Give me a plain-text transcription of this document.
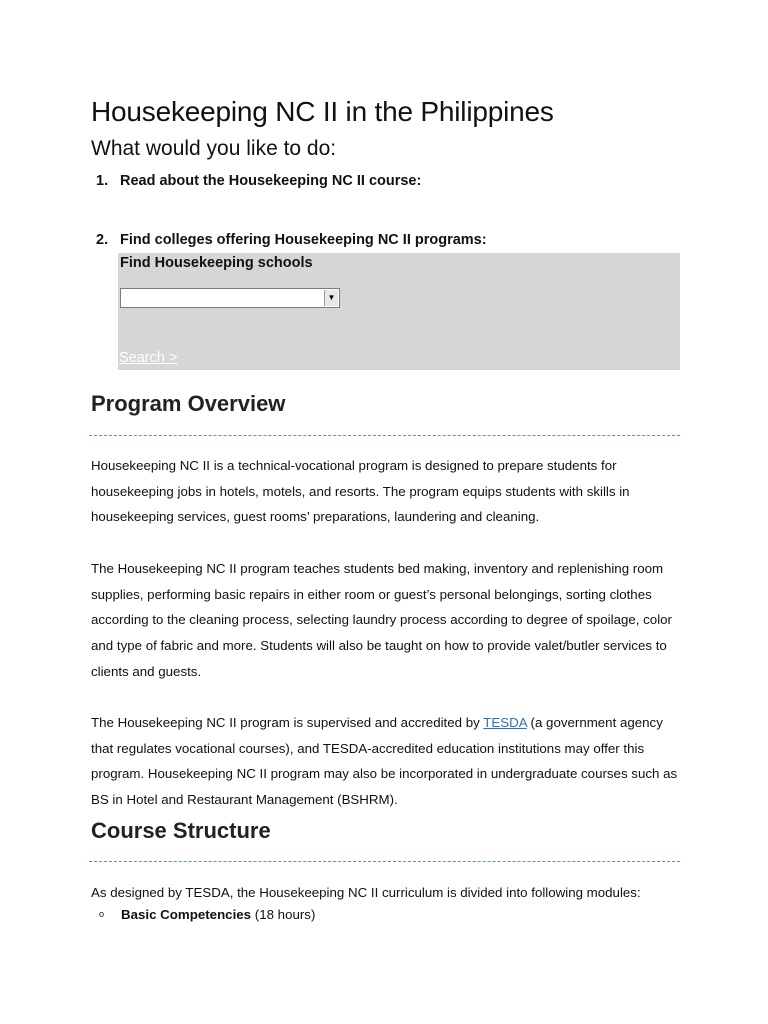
Housekeeping NC II in the Philippines
What would you like to do:
1. Read about the Housekeeping NC II course:
2. Find colleges offering Housekeeping NC II programs:
Find Housekeeping schools
▼
Search >
Program Overview

Housekeeping NC II is a technical-vocational program is designed to prepare students for housekeeping jobs in hotels, motels, and resorts. The program equips students with skills in housekeeping services, guest rooms’ preparations, laundering and cleaning.

The Housekeeping NC II program teaches students bed making, inventory and replenishing room supplies, performing basic repairs in either room or guest’s personal belongings, sorting clothes according to the cleaning process, selecting laundry process according to degree of spoilage, color and type of fabric and more. Students will also be taught on how to provide valet/butler services to clients and guests.

The Housekeeping NC II program is supervised and accredited by TESDA (a government agency that regulates vocational courses), and TESDA-accredited education institutions may offer this program. Housekeeping NC II program may also be incorporated in undergraduate courses such as BS in Hotel and Restaurant Management (BSHRM).

Course Structure

As designed by TESDA, the Housekeeping NC II curriculum is divided into following modules:

o Basic Competencies (18 hours)
